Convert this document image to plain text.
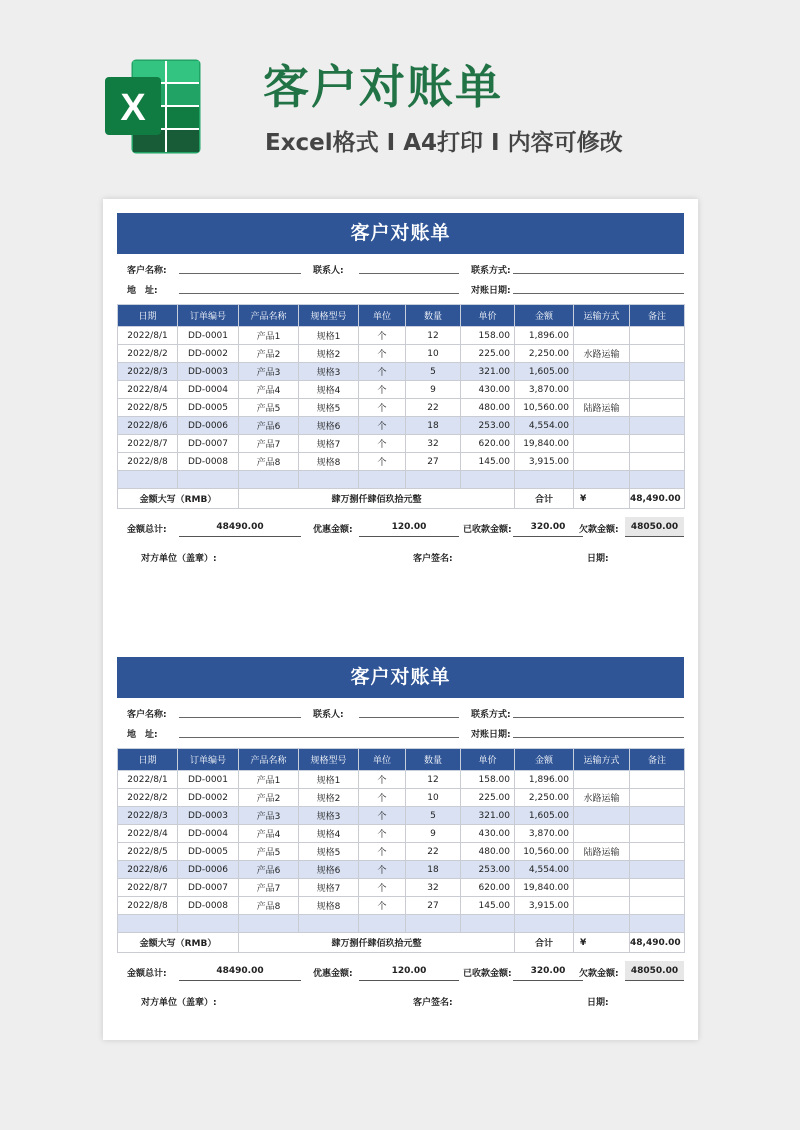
X	客户对账单
Excel格式 I A4打印 I 内容可修改
客户对账单
客户名称:	联系人:	联系方式:
地　址:	对账日期:
日期	订单编号	产品名称	规格型号	单位	数量	单价	金额	运输方式	备注
2022/8/1	DD-0001	产品1	规格1	个	12	158.00	1,896.00		
2022/8/2	DD-0002	产品2	规格2	个	10	225.00	2,250.00	水路运输	
2022/8/3	DD-0003	产品3	规格3	个	5	321.00	1,605.00		
2022/8/4	DD-0004	产品4	规格4	个	9	430.00	3,870.00		
2022/8/5	DD-0005	产品5	规格5	个	22	480.00	10,560.00	陆路运输	
2022/8/6	DD-0006	产品6	规格6	个	18	253.00	4,554.00		
2022/8/7	DD-0007	产品7	规格7	个	32	620.00	19,840.00		
2022/8/8	DD-0008	产品8	规格8	个	27	145.00	3,915.00		

金额大写（RMB）		肆万捌仟肆佰玖拾元整					合计	¥	48,490.00
金额总计:	48490.00	优惠金额:	120.00	已收款金额:	320.00	欠款金额:	48050.00
对方单位（盖章）:	客户签名:	日期:
客户对账单
客户名称:	联系人:	联系方式:
地　址:	对账日期:
日期	订单编号	产品名称	规格型号	单位	数量	单价	金额	运输方式	备注
2022/8/1	DD-0001	产品1	规格1	个	12	158.00	1,896.00		
2022/8/2	DD-0002	产品2	规格2	个	10	225.00	2,250.00	水路运输	
2022/8/3	DD-0003	产品3	规格3	个	5	321.00	1,605.00		
2022/8/4	DD-0004	产品4	规格4	个	9	430.00	3,870.00		
2022/8/5	DD-0005	产品5	规格5	个	22	480.00	10,560.00	陆路运输	
2022/8/6	DD-0006	产品6	规格6	个	18	253.00	4,554.00		
2022/8/7	DD-0007	产品7	规格7	个	32	620.00	19,840.00		
2022/8/8	DD-0008	产品8	规格8	个	27	145.00	3,915.00		

金额大写（RMB）		肆万捌仟肆佰玖拾元整					合计	¥	48,490.00
金额总计:	48490.00	优惠金额:	120.00	已收款金额:	320.00	欠款金额:	48050.00
对方单位（盖章）:	客户签名:	日期:
